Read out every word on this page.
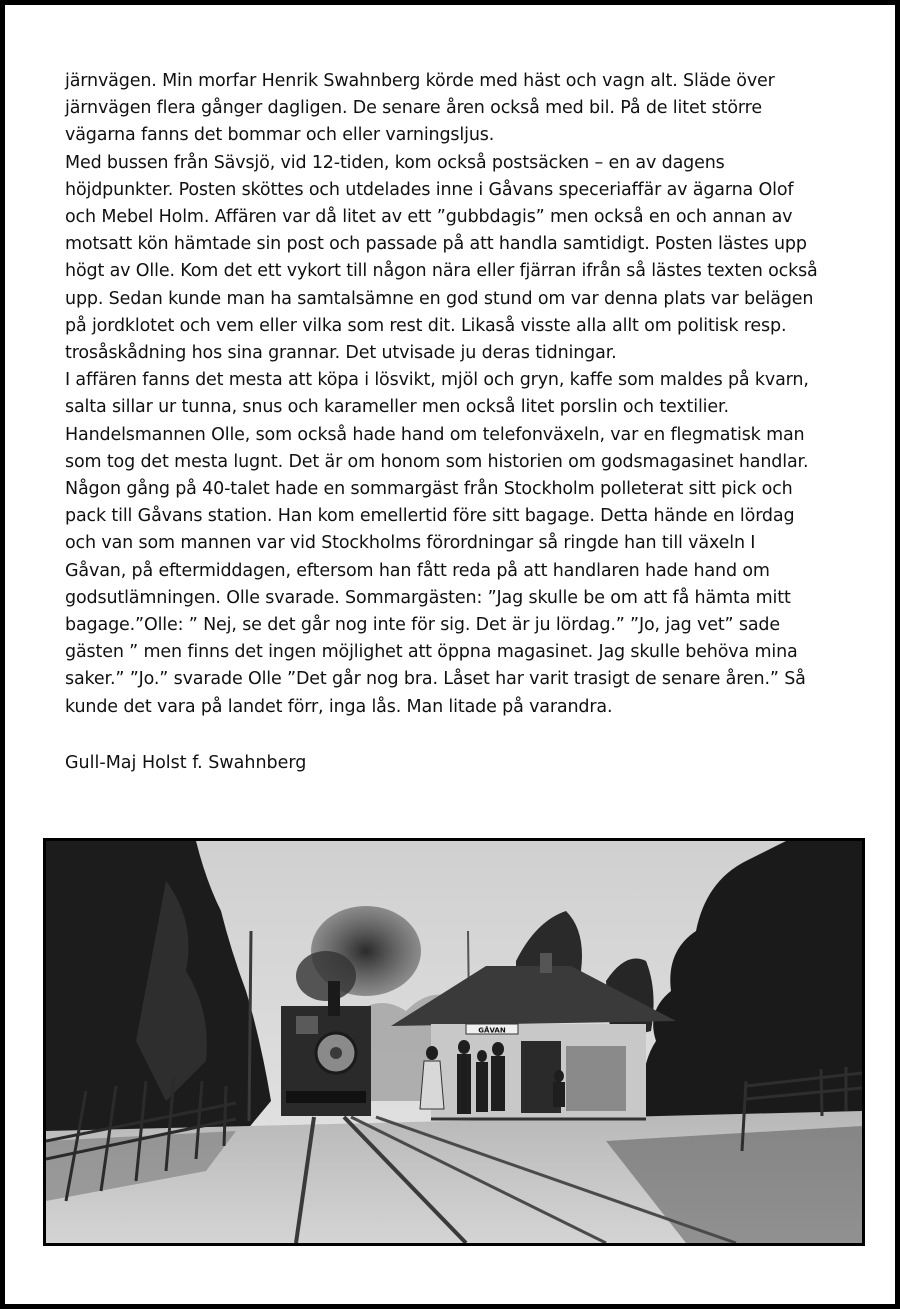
järnvägen. Min morfar Henrik Swahnberg körde med häst och vagn alt. Släde över
järnvägen flera gånger dagligen. De senare åren också med bil. På de litet större
vägarna fanns det bommar och eller varningsljus.
Med bussen från Sävsjö, vid 12-tiden, kom också postsäcken – en av dagens
höjdpunkter. Posten sköttes och utdelades inne i Gåvans speceriaffär av ägarna Olof
och Mebel Holm. Affären var då litet av ett ”gubbdagis” men också en och annan av
motsatt kön hämtade sin post och passade på att handla samtidigt. Posten lästes upp
högt av Olle. Kom det ett vykort till någon nära eller fjärran ifrån så lästes texten också
upp. Sedan kunde man ha samtalsämne en god stund om var denna plats var belägen
på jordklotet och vem eller vilka som rest dit. Likaså visste alla allt om politisk resp.
trosåskådning hos sina grannar. Det utvisade ju deras tidningar.
I affären fanns det mesta att köpa i lösvikt, mjöl och gryn, kaffe som maldes på kvarn,
salta sillar ur tunna, snus och karameller men också litet porslin och textilier.
Handelsmannen Olle, som också hade hand om telefonväxeln, var en flegmatisk man
som tog det mesta lugnt. Det är om honom som historien om godsmagasinet handlar.
Någon gång på 40-talet hade en sommargäst från Stockholm polleterat sitt pick och
pack till Gåvans station. Han kom emellertid före sitt bagage. Detta hände en lördag
och van som mannen var vid Stockholms förordningar så ringde han till växeln I
Gåvan, på eftermiddagen, eftersom han fått reda på att handlaren hade hand om
godsutlämningen. Olle svarade. Sommargästen: ”Jag skulle be om att få hämta mitt
bagage.”Olle: ” Nej, se det går nog inte för sig. Det är ju lördag.” ”Jo, jag vet” sade
gästen ” men finns det ingen möjlighet att öppna magasinet. Jag skulle behöva mina
saker.” ”Jo.” svarade Olle ”Det går nog bra. Låset har varit trasigt de senare åren.” Så
kunde det vara på landet förr, inga lås. Man litade på varandra.
Gull-Maj Holst f. Swahnberg
GÅVAN
